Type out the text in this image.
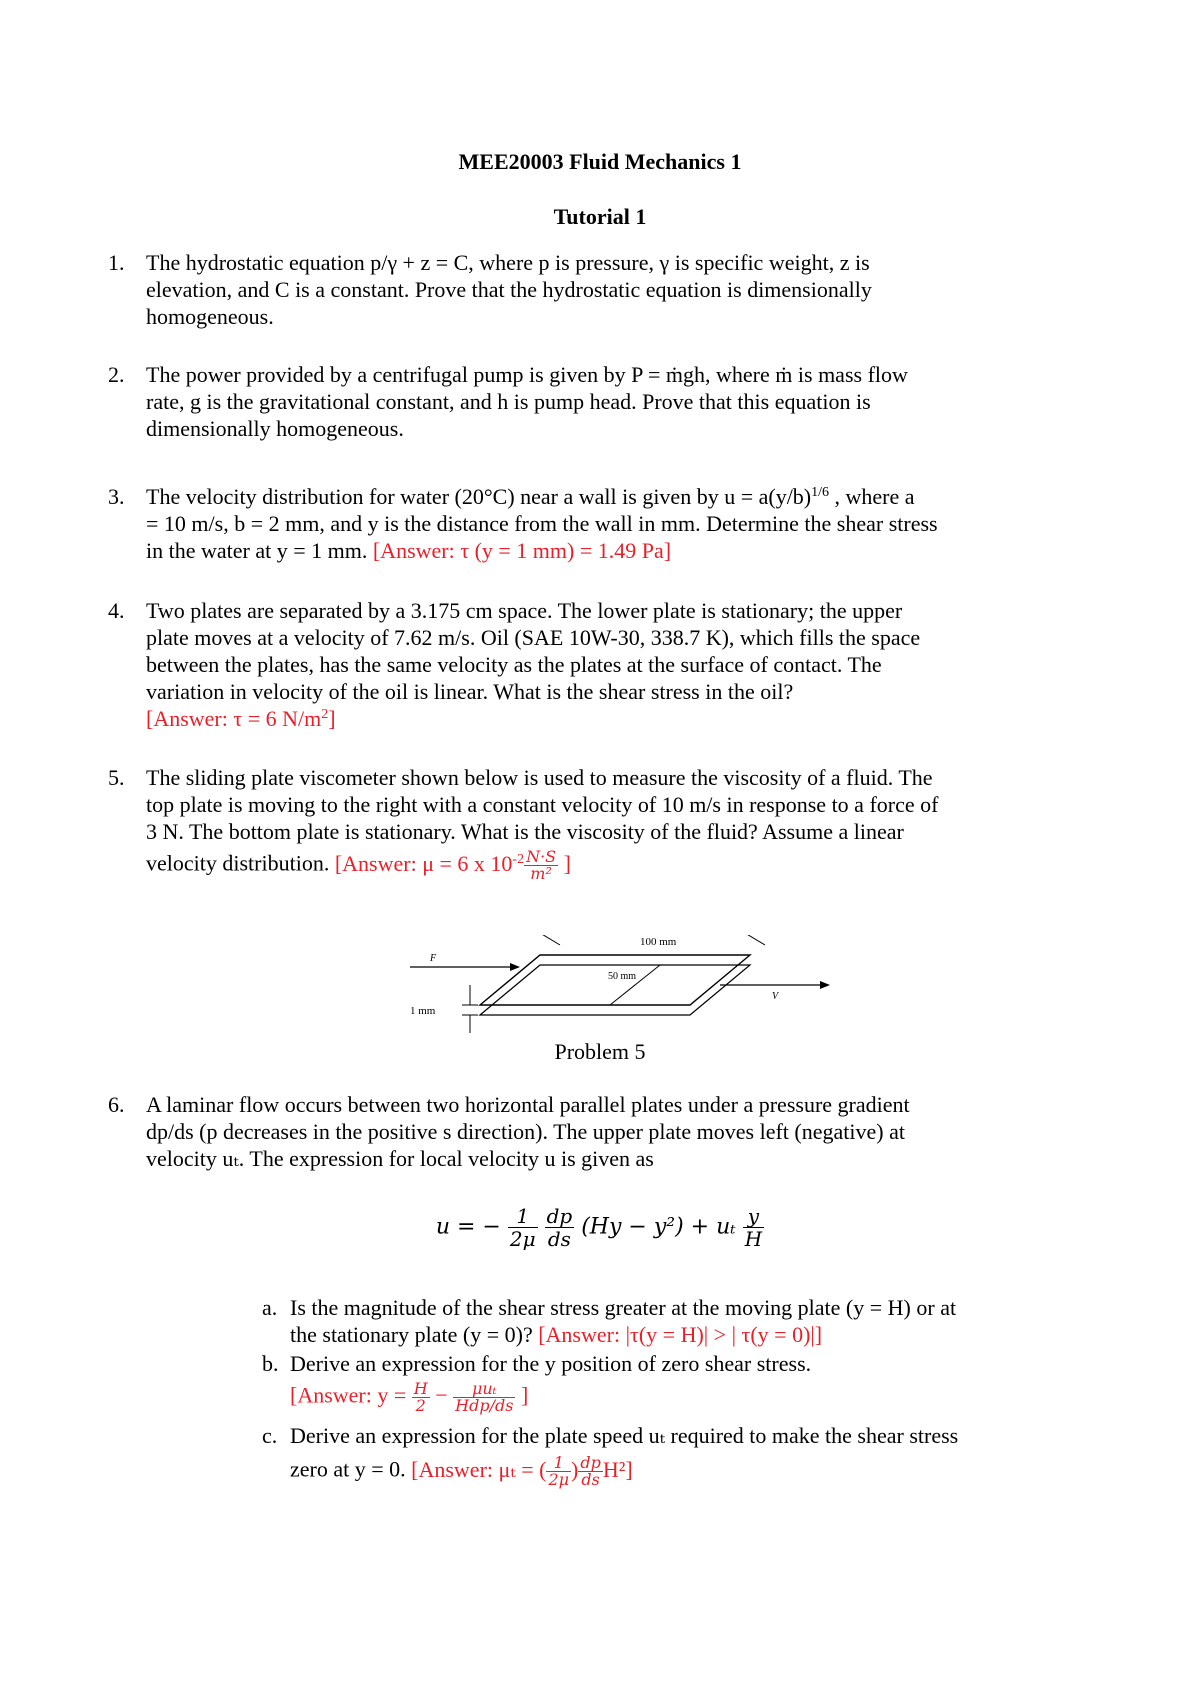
MEE20003 Fluid Mechanics 1
Tutorial 1
1. The hydrostatic equation p/γ + z = C, where p is pressure, γ is specific weight, z is

elevation, and C is a constant. Prove that the hydrostatic equation is dimensionally

homogeneous.

2. The power provided by a centrifugal pump is given by P = ṁgh, where ṁ is mass flow

rate, g is the gravitational constant, and h is pump head. Prove that this equation is

dimensionally homogeneous.

3. The velocity distribution for water (20°C) near a wall is given by $u = a(y/b)^{1/6}$ , where a

= 10 m/s, b = 2 mm, and y is the distance from the wall in mm. Determine the shear stress

in the water at y = 1 mm. [Answer: τ (y = 1 mm) = 1.49 Pa]

4. Two plates are separated by a 3.175 cm space. The lower plate is stationary; the upper

plate moves at a velocity of 7.62 m/s. Oil (SAE 10W-30, 338.7 K), which fills the space

between the plates, has the same velocity as the plates at the surface of contact. The

variation in velocity of the oil is linear. What is the shear stress in the oil?

[Answer: τ = 6 $N/m^2$]

5. The sliding plate viscometer shown below is used to measure the viscosity of a fluid. The

top plate is moving to the right with a constant velocity of 10 m/s in response to a force of

3 N. The bottom plate is stationary. What is the viscosity of the fluid? Assume a linear

velocity distribution. [Answer: μ = 6 x $10^{-2} \frac{N\cdot S}{\text{m²}}$ ]

100 mm
50 mm
F
V
1 mm
Problem 5
6. A laminar flow occurs between two horizontal parallel plates under a pressure gradient

dp/ds (p decreases in the positive s direction). The upper plate moves left (negative) at

velocity uₜ. The expression for local velocity u is given as

u = − $\frac{1}{2\mu}$
$\frac{dp}{ds} (Hy - y^2) + u_t \frac{y}{H}$
a. Is the magnitude of the shear stress greater at the moving plate (y = H) or at

the stationary plate (y = 0)? [Answer: |τ(y = H)| > | τ(y = 0)|]

b. Derive an expression for the y position of zero shear stress.

[Answer: $y = \frac{H}{2} - \frac{\text{μuₜ}}{\text{Hdp/ds}}$ ]

c. Derive an expression for the plate speed uₜ required to make the shear stress

zero at y = 0. [Answer: μₜ = ( $\frac{1}{2\mu}$ ) $\frac{dp}{ds} H^2$]
